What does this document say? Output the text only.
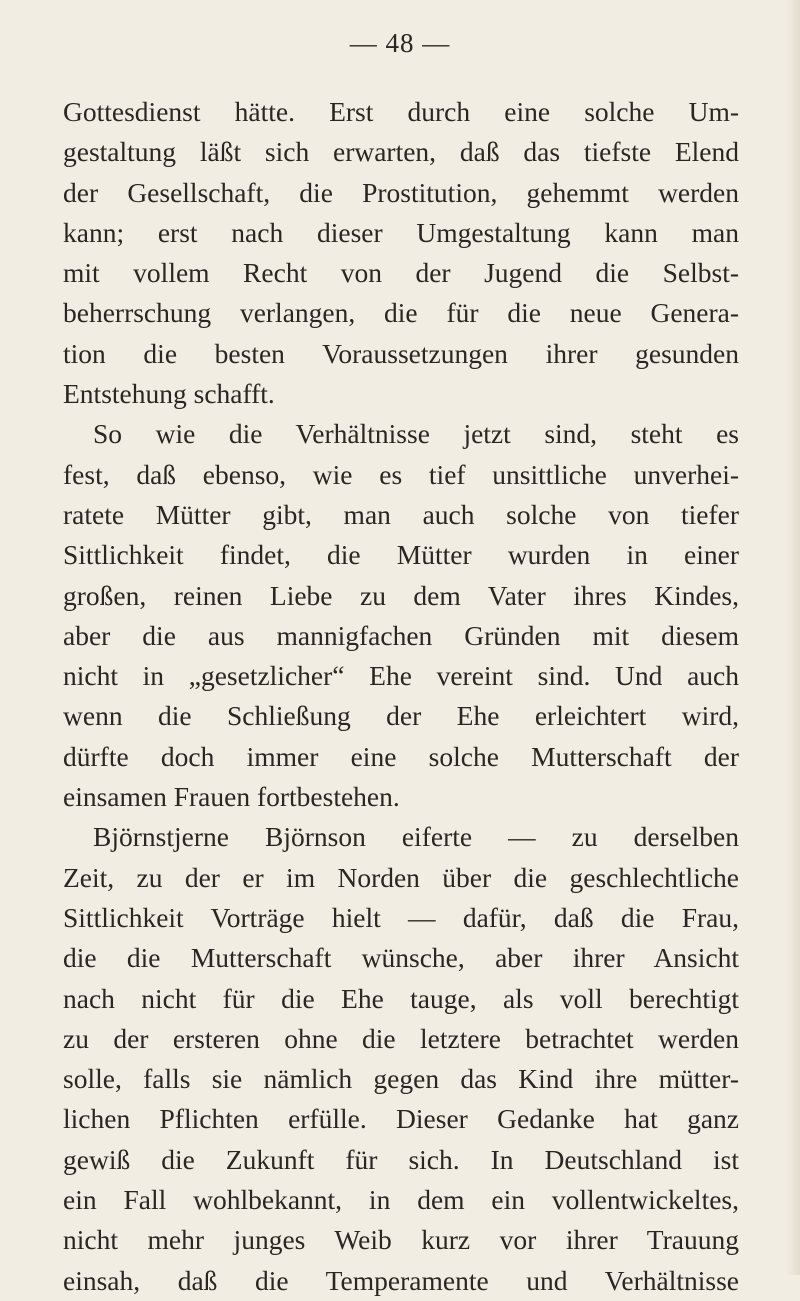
— 48 —
Gottesdienst hätte. Erst durch eine solche Um-
gestaltung läßt sich erwarten, daß das tiefste Elend
der Gesellschaft, die Prostitution, gehemmt werden
kann; erst nach dieser Umgestaltung kann man
mit vollem Recht von der Jugend die Selbst-
beherrschung verlangen, die für die neue Genera-
tion die besten Voraussetzungen ihrer gesunden
Entstehung schafft.
So wie die Verhältnisse jetzt sind, steht es
fest, daß ebenso, wie es tief unsittliche unverhei-
ratete Mütter gibt, man auch solche von tiefer
Sittlichkeit findet, die Mütter wurden in einer
großen, reinen Liebe zu dem Vater ihres Kindes,
aber die aus mannigfachen Gründen mit diesem
nicht in „gesetzlicher“ Ehe vereint sind. Und auch
wenn die Schließung der Ehe erleichtert wird,
dürfte doch immer eine solche Mutterschaft der
einsamen Frauen fortbestehen.
Björnstjerne Björnson eiferte — zu derselben
Zeit, zu der er im Norden über die geschlechtliche
Sittlichkeit Vorträge hielt — dafür, daß die Frau,
die die Mutterschaft wünsche, aber ihrer Ansicht
nach nicht für die Ehe tauge, als voll berechtigt
zu der ersteren ohne die letztere betrachtet werden
solle, falls sie nämlich gegen das Kind ihre mütter-
lichen Pflichten erfülle. Dieser Gedanke hat ganz
gewiß die Zukunft für sich. In Deutschland ist
ein Fall wohlbekannt, in dem ein vollentwickeltes,
nicht mehr junges Weib kurz vor ihrer Trauung
einsah, daß die Temperamente und Verhältnisse
